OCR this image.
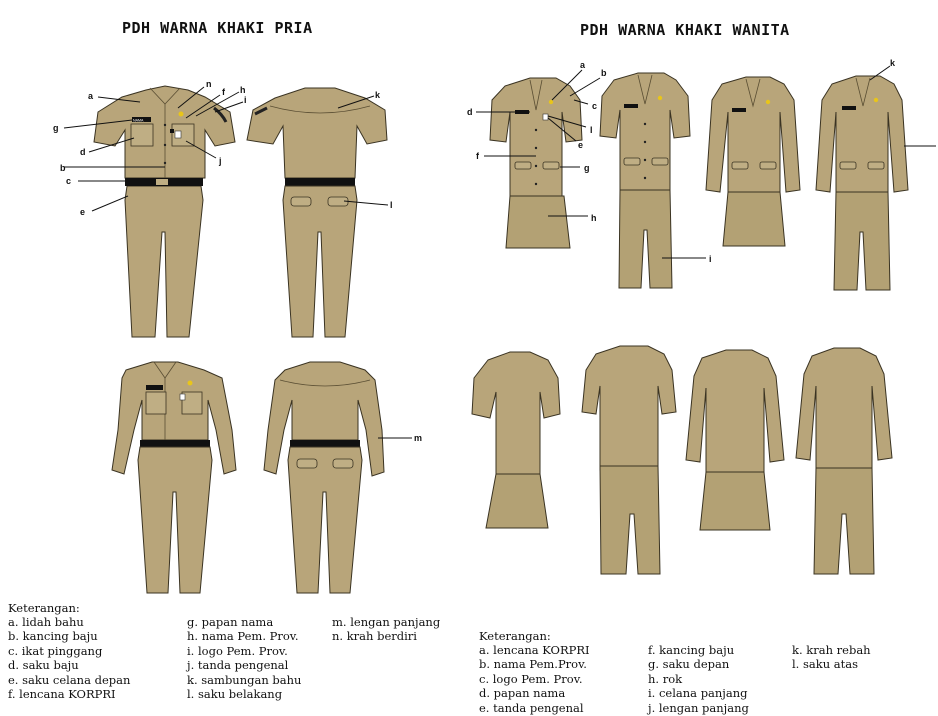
PDH WARNA KHAKI PRIA	PDH WARNA KHAKI WANITA
NAMA
a
n
f h
i
g
d
j
b
c
e
k
l
m
a
b
c
d
l
e
f
g
h
i
k
Keterangan:
a. lidah bahu
b. kancing baju
c. ikat pinggang
d. saku baju
e. saku celana depan
f. lencana KORPRI
g. papan nama
h. nama Pem. Prov.
i. logo Pem. Prov.
j. tanda pengenal
k. sambungan bahu
l. saku belakang
m. lengan panjang
n. krah berdiri	Keterangan:
a. lencana KORPRI
b. nama Pem.Prov.
c. logo Pem. Prov.
d. papan nama
e. tanda pengenal
f. kancing baju
g. saku depan
h. rok
i. celana panjang
j. lengan panjang
k. krah rebah
l. saku atas
